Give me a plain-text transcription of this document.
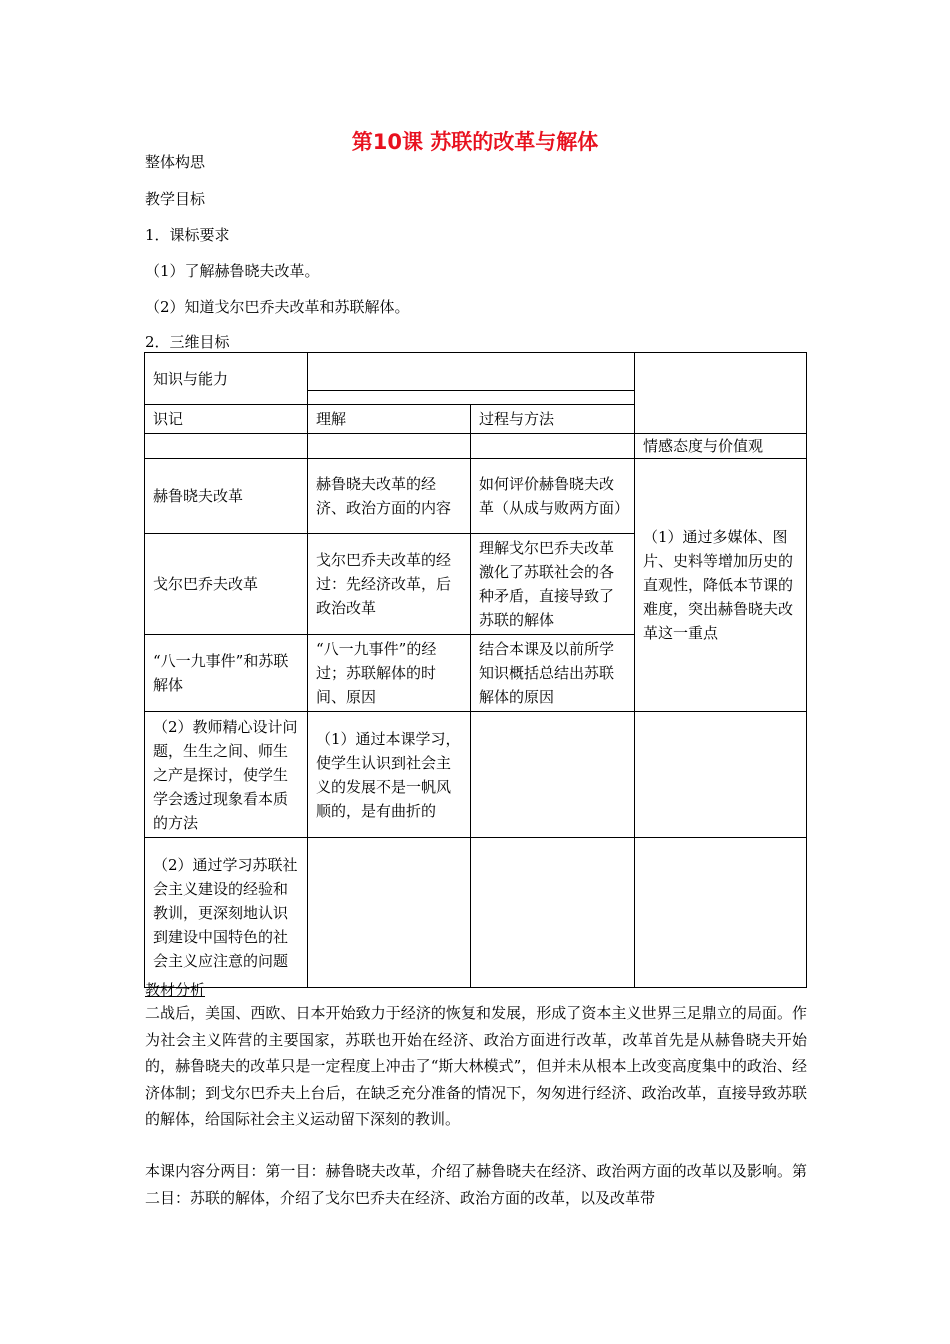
第10课 苏联的改革与解体
整体构思
教学目标
1．课标要求
（1）了解赫鲁晓夫改革。
（2）知道戈尔巴乔夫改革和苏联解体。
2．三维目标
知识与能力			

识记	理解	过程与方法	
			情感态度与价值观
赫鲁晓夫改革	赫鲁晓夫改革的经济、政治方面的内容	如何评价赫鲁晓夫改革（从成与败两方面）	（1）通过多媒体、图片、史料等增加历史的直观性，降低本节课的难度，突出赫鲁晓夫改革这一重点
戈尔巴乔夫改革	戈尔巴乔夫改革的经过：先经济改革，后政治改革	理解戈尔巴乔夫改革激化了苏联社会的各种矛盾，直接导致了苏联的解体	
“八一九事件”和苏联解体	“八一九事件”的经过；苏联解体的时间、原因	结合本课及以前所学知识概括总结出苏联解体的原因	
（2）教师精心设计问题，生生之间、师生之产是探讨，使学生学会透过现象看本质的方法	（1）通过本课学习，使学生认识到社会主义的发展不是一帆风顺的，是有曲折的		
（2）通过学习苏联社会主义建设的经验和教训，更深刻地认识到建设中国特色的社会主义应注意的问题			
教材分析
二战后，美国、西欧、日本开始致力于经济的恢复和发展，形成了资本主义世界三足鼎立的局面。作为社会主义阵营的主要国家，苏联也开始在经济、政治方面进行改革，改革首先是从赫鲁晓夫开始的，赫鲁晓夫的改革只是一定程度上冲击了“斯大林模式”，但并未从根本上改变高度集中的政治、经济体制；到戈尔巴乔夫上台后，在缺乏充分准备的情况下，匆匆进行经济、政治改革，直接导致苏联的解体，给国际社会主义运动留下深刻的教训。
本课内容分两目：第一目：赫鲁晓夫改革，介绍了赫鲁晓夫在经济、政治两方面的改革以及影响。第二目：苏联的解体，介绍了戈尔巴乔夫在经济、政治方面的改革，以及改革带
